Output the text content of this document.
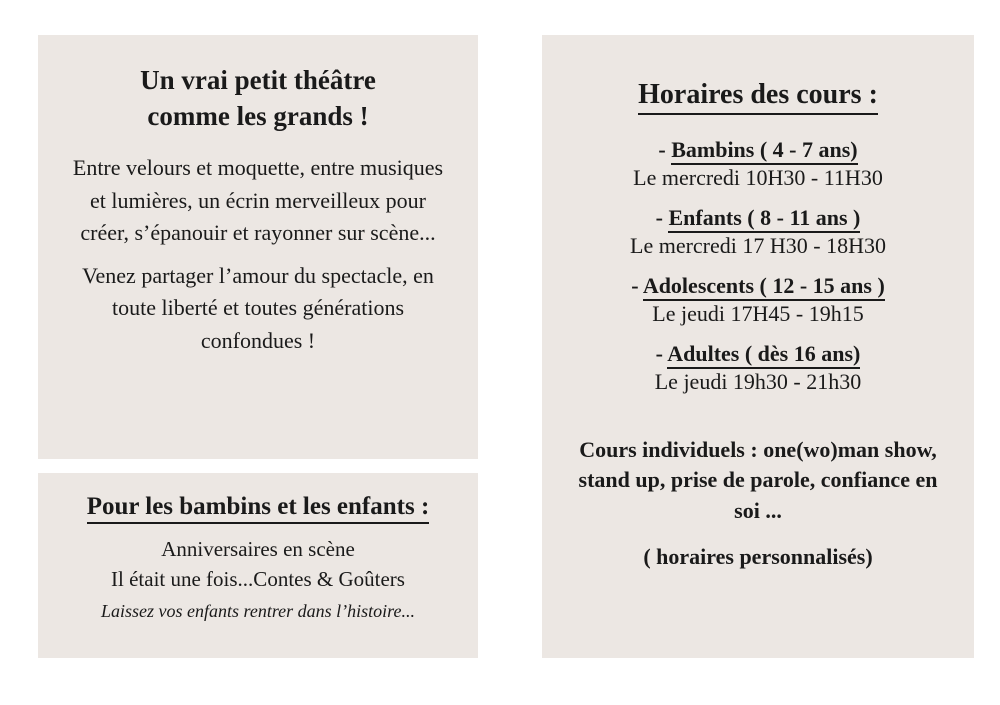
Un vrai petit théâtre
comme les grands !
Entre velours et moquette, entre musiques et lumières, un écrin merveilleux pour créer, s’épanouir et rayonner sur scène...
Venez partager l’amour du spectacle, en toute liberté et toutes générations confondues !
Pour les bambins et les enfants :
Anniversaires en scène
Il était une fois...Contes & Goûters
Laissez vos enfants rentrer dans l’histoire...
Horaires des cours :
- Bambins ( 4 - 7 ans)
Le mercredi 10H30 - 11H30
- Enfants ( 8 - 11 ans )
Le mercredi 17 H30 - 18H30
- Adolescents ( 12 - 15 ans )
Le jeudi 17H45 - 19h15
- Adultes ( dès 16 ans)
Le jeudi 19h30 - 21h30
Cours individuels : one(wo)man show,
stand up, prise de parole, confiance en
soi ...
( horaires personnalisés)
